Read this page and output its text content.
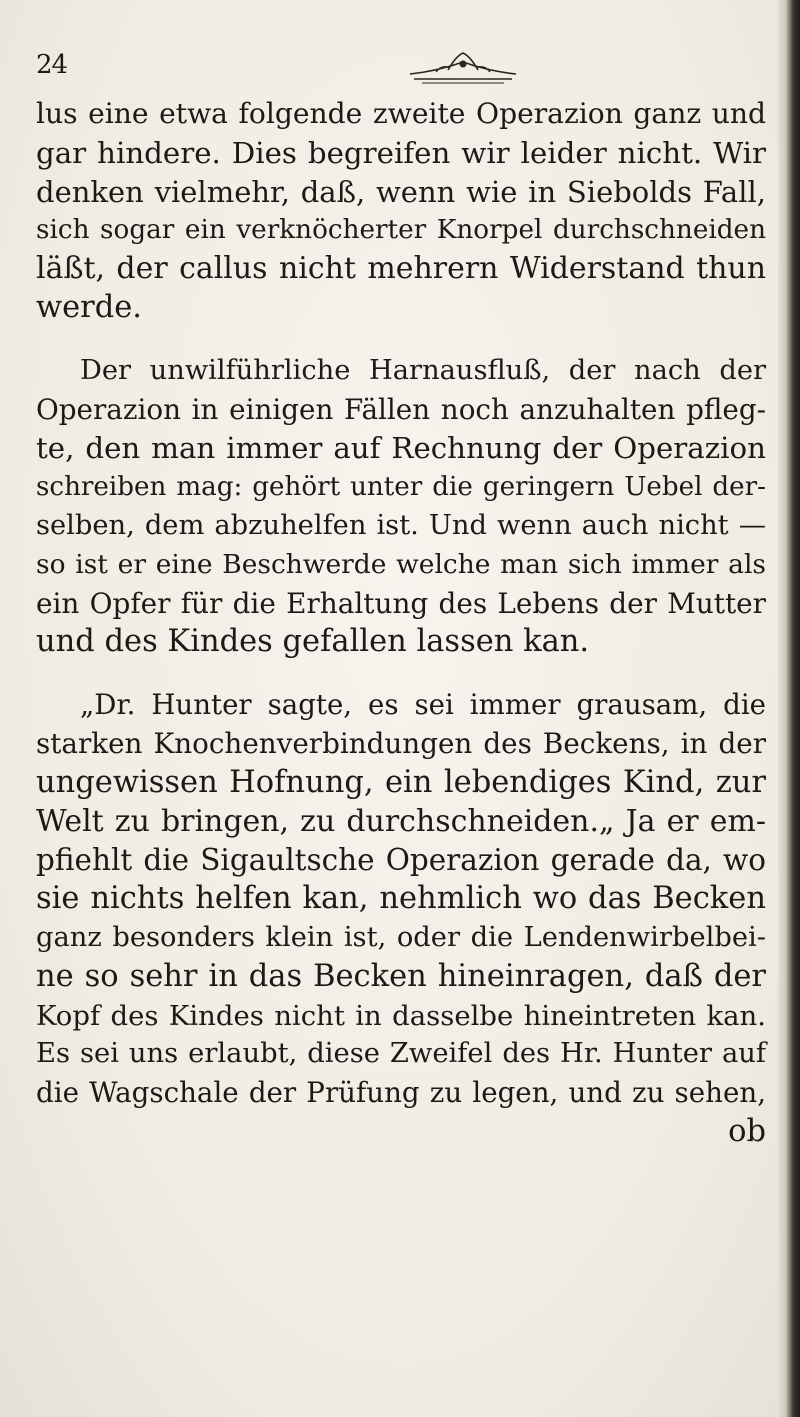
24
lus eine etwa folgende zweite Operazion ganz und
gar hindere. Dies begreifen wir leider nicht. Wir
denken vielmehr, daß, wenn wie in Siebolds Fall,
sich sogar ein verknöcherter Knorpel durchschneiden
läßt, der callus nicht mehrern Widerstand thun
werde.
Der unwilführliche Harnausfluß, der nach der
Operazion in einigen Fällen noch anzuhalten pfleg-
te, den man immer auf Rechnung der Operazion
schreiben mag: gehört unter die geringern Uebel der-
selben, dem abzuhelfen ist. Und wenn auch nicht —
so ist er eine Beschwerde welche man sich immer als
ein Opfer für die Erhaltung des Lebens der Mutter
und des Kindes gefallen lassen kan.
„Dr. Hunter sagte, es sei immer grausam, die
starken Knochenverbindungen des Beckens, in der
ungewissen Hofnung, ein lebendiges Kind, zur
Welt zu bringen, zu durchschneiden.„ Ja er em-
pfiehlt die Sigaultsche Operazion gerade da, wo
sie nichts helfen kan, nehmlich wo das Becken
ganz besonders klein ist, oder die Lendenwirbelbei-
ne so sehr in das Becken hineinragen, daß der
Kopf des Kindes nicht in dasselbe hineintreten kan.
Es sei uns erlaubt, diese Zweifel des Hr. Hunter auf
die Wagschale der Prüfung zu legen, und zu sehen,
ob
